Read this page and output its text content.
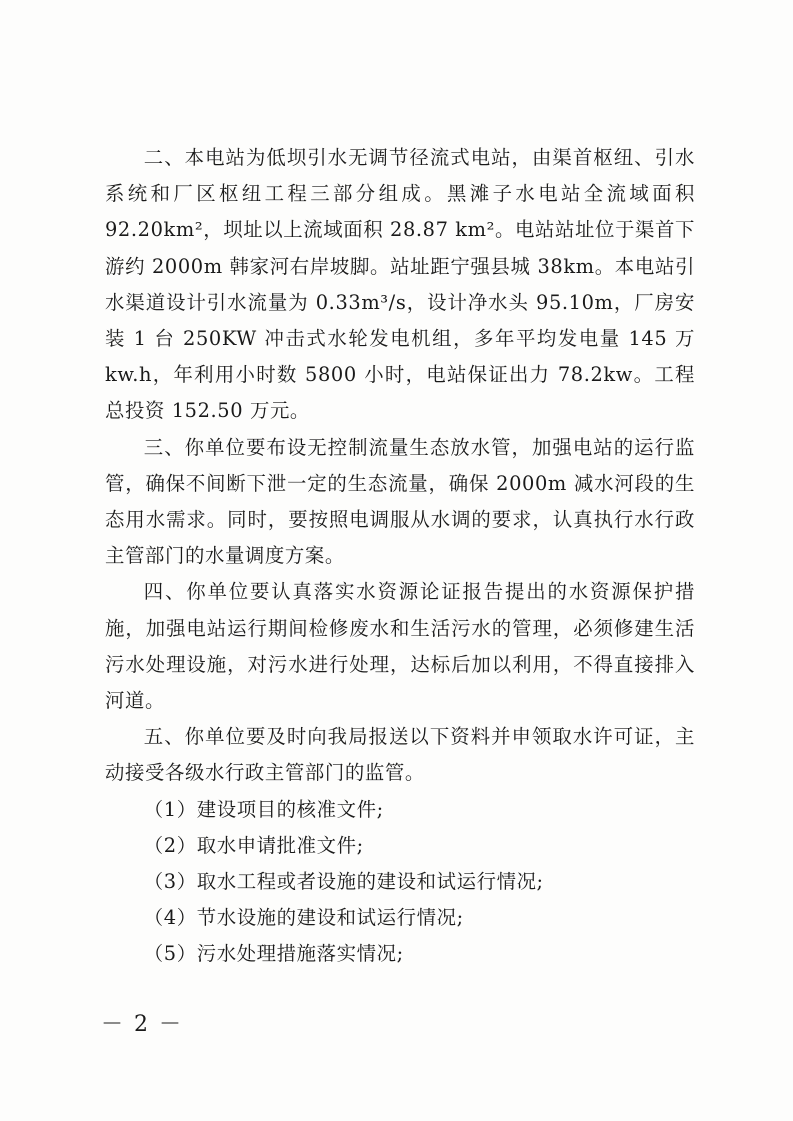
二、本电站为低坝引水无调节径流式电站，由渠首枢纽、引水系统和厂区枢纽工程三部分组成。黑滩子水电站全流域面积 92.20km²，坝址以上流域面积 28.87 km²。电站站址位于渠首下游约 2000m 韩家河右岸坡脚。站址距宁强县城 38km。本电站引水渠道设计引水流量为 0.33m³/s，设计净水头 95.10m，厂房安装 1 台 250KW 冲击式水轮发电机组，多年平均发电量 145 万 kw.h，年利用小时数 5800 小时，电站保证出力 78.2kw。工程总投资 152.50 万元。

三、你单位要布设无控制流量生态放水管，加强电站的运行监管，确保不间断下泄一定的生态流量，确保 2000m 减水河段的生态用水需求。同时，要按照电调服从水调的要求，认真执行水行政主管部门的水量调度方案。

四、你单位要认真落实水资源论证报告提出的水资源保护措施，加强电站运行期间检修废水和生活污水的管理，必须修建生活污水处理设施，对污水进行处理，达标后加以利用，不得直接排入河道。

五、你单位要及时向我局报送以下资料并申领取水许可证，主动接受各级水行政主管部门的监管。

（1）建设项目的核准文件;

（2）取水申请批准文件;

（3）取水工程或者设施的建设和试运行情况;

（4）节水设施的建设和试运行情况;

（5）污水处理措施落实情况;

－ 2 －
